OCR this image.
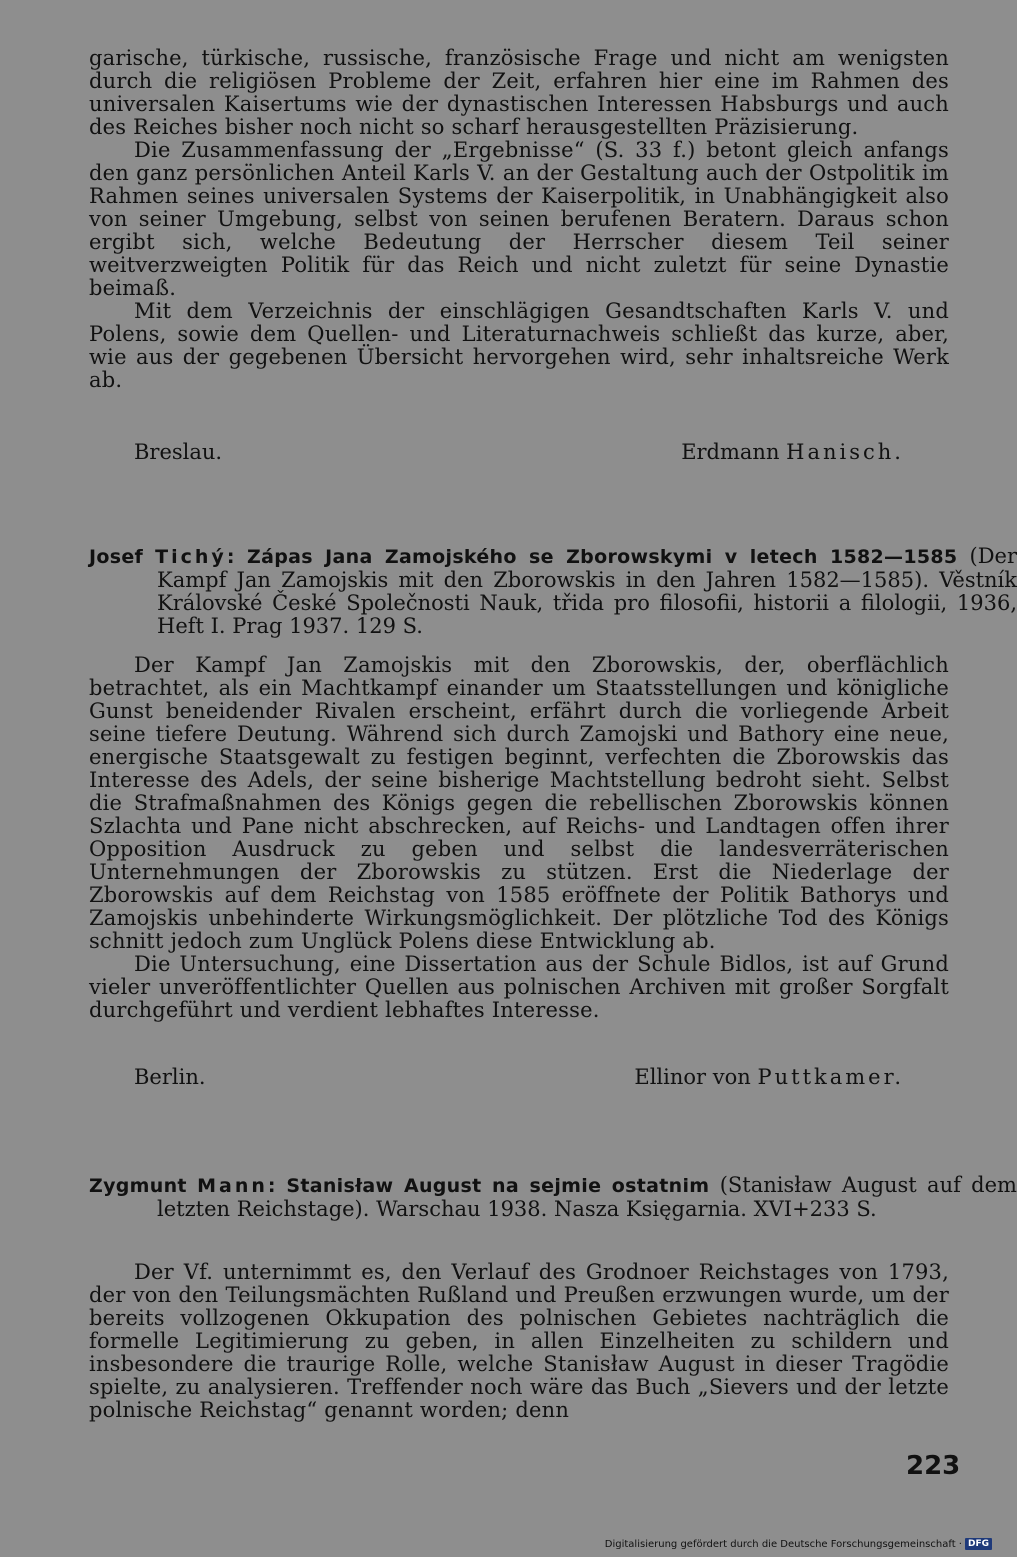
garische, türkische, russische, französische Frage und nicht am wenigsten durch die religiösen Probleme der Zeit, erfahren hier eine im Rahmen des universalen Kaisertums wie der dynastischen Interessen Habsburgs und auch des Reiches bisher noch nicht so scharf herausgestellten Präzisierung.

Die Zusammenfassung der „Ergebnisse“ (S. 33 f.) betont gleich anfangs den ganz persönlichen Anteil Karls V. an der Gestaltung auch der Ostpolitik im Rahmen seines universalen Systems der Kaiserpolitik, in Unabhängigkeit also von seiner Umgebung, selbst von seinen berufenen Beratern. Daraus schon ergibt sich, welche Bedeutung der Herrscher diesem Teil seiner weitverzweigten Politik für das Reich und nicht zuletzt für seine Dynastie beimaß.

Mit dem Verzeichnis der einschlägigen Gesandtschaften Karls V. und Polens, sowie dem Quellen- und Literaturnachweis schließt das kurze, aber, wie aus der gegebenen Übersicht hervorgehen wird, sehr inhaltsreiche Werk ab.

Breslau.	Erdmann Hanisch.
Josef Tichý: Zápas Jana Zamojského se Zborowskymi v letech 1582—1585 (Der Kampf Jan Zamojskis mit den Zborowskis in den Jahren 1582—1585). Věstník Královské České Společnosti Nauk, třida pro filosofii, historii a filologii, 1936, Heft I. Prag 1937. 129 S.

Der Kampf Jan Zamojskis mit den Zborowskis, der, oberflächlich betrachtet, als ein Machtkampf einander um Staatsstellungen und königliche Gunst beneidender Rivalen erscheint, erfährt durch die vorliegende Arbeit seine tiefere Deutung. Während sich durch Zamojski und Bathory eine neue, energische Staatsgewalt zu festigen beginnt, verfechten die Zborowskis das Interesse des Adels, der seine bisherige Machtstellung bedroht sieht. Selbst die Strafmaßnahmen des Königs gegen die rebellischen Zborowskis können Szlachta und Pane nicht abschrecken, auf Reichs- und Landtagen offen ihrer Opposition Ausdruck zu geben und selbst die landesverräterischen Unternehmungen der Zborowskis zu stützen. Erst die Niederlage der Zborowskis auf dem Reichstag von 1585 eröffnete der Politik Bathorys und Zamojskis unbehinderte Wirkungsmöglichkeit. Der plötzliche Tod des Königs schnitt jedoch zum Unglück Polens diese Entwicklung ab.

Die Untersuchung, eine Dissertation aus der Schule Bidlos, ist auf Grund vieler unveröffentlichter Quellen aus polnischen Archiven mit großer Sorgfalt durchgeführt und verdient lebhaftes Interesse.

Berlin.	Ellinor von Puttkamer.
Zygmunt Mann: Stanisław August na sejmie ostatnim (Stanisław August auf dem letzten Reichstage). Warschau 1938. Nasza Księgarnia. XVI+233 S.

Der Vf. unternimmt es, den Verlauf des Grodnoer Reichstages von 1793, der von den Teilungsmächten Rußland und Preußen erzwungen wurde, um der bereits vollzogenen Okkupation des polnischen Gebietes nachträglich die formelle Legitimierung zu geben, in allen Einzelheiten zu schildern und insbesondere die traurige Rolle, welche Stanisław August in dieser Tragödie spielte, zu analysieren. Treffender noch wäre das Buch „Sievers und der letzte polnische Reichstag“ genannt worden; denn

223
Digitalisierung gefördert durch die Deutsche Forschungsgemeinschaft · DFG
